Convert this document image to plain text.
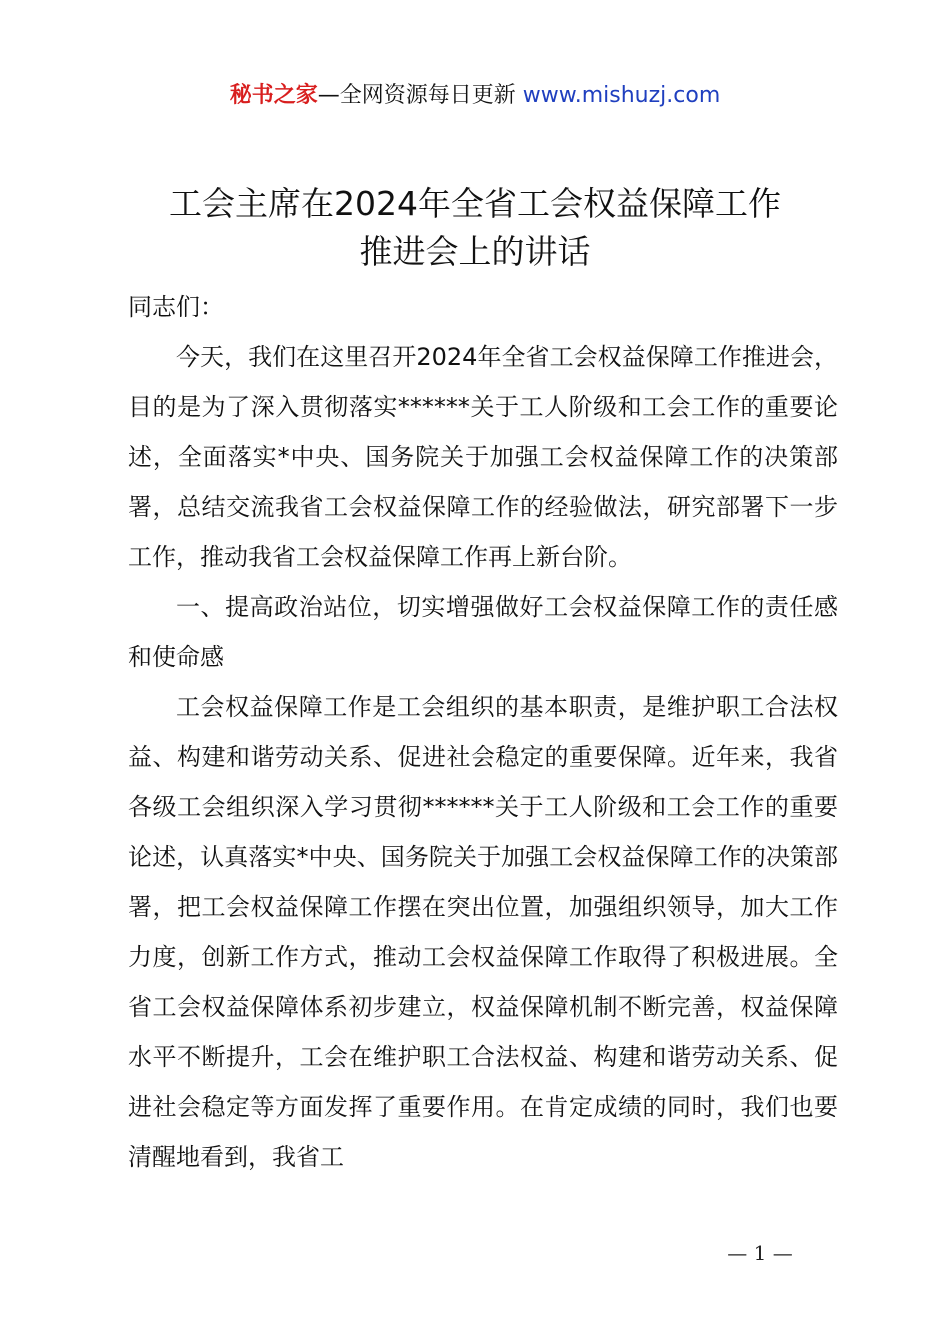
秘书之家—全网资源每日更新 www.mishuzj.com
工会主席在2024年全省工会权益保障工作
推进会上的讲话

同志们：

今天，我们在这里召开2024年全省工会权益保障工作推进会，目的是为了深入贯彻落实******关于工人阶级和工会工作的重要论述，全面落实*中央、国务院关于加强工会权益保障工作的决策部署，总结交流我省工会权益保障工作的经验做法，研究部署下一步工作，推动我省工会权益保障工作再上新台阶。

一、提高政治站位，切实增强做好工会权益保障工作的责任感和使命感

工会权益保障工作是工会组织的基本职责，是维护职工合法权益、构建和谐劳动关系、促进社会稳定的重要保障。近年来，我省各级工会组织深入学习贯彻******关于工人阶级和工会工作的重要论述，认真落实*中央、国务院关于加强工会权益保障工作的决策部署，把工会权益保障工作摆在突出位置，加强组织领导，加大工作力度，创新工作方式，推动工会权益保障工作取得了积极进展。全省工会权益保障体系初步建立，权益保障机制不断完善，权益保障水平不断提升，工会在维护职工合法权益、构建和谐劳动关系、促进社会稳定等方面发挥了重要作用。在肯定成绩的同时，我们也要清醒地看到，我省工

— 1 —
